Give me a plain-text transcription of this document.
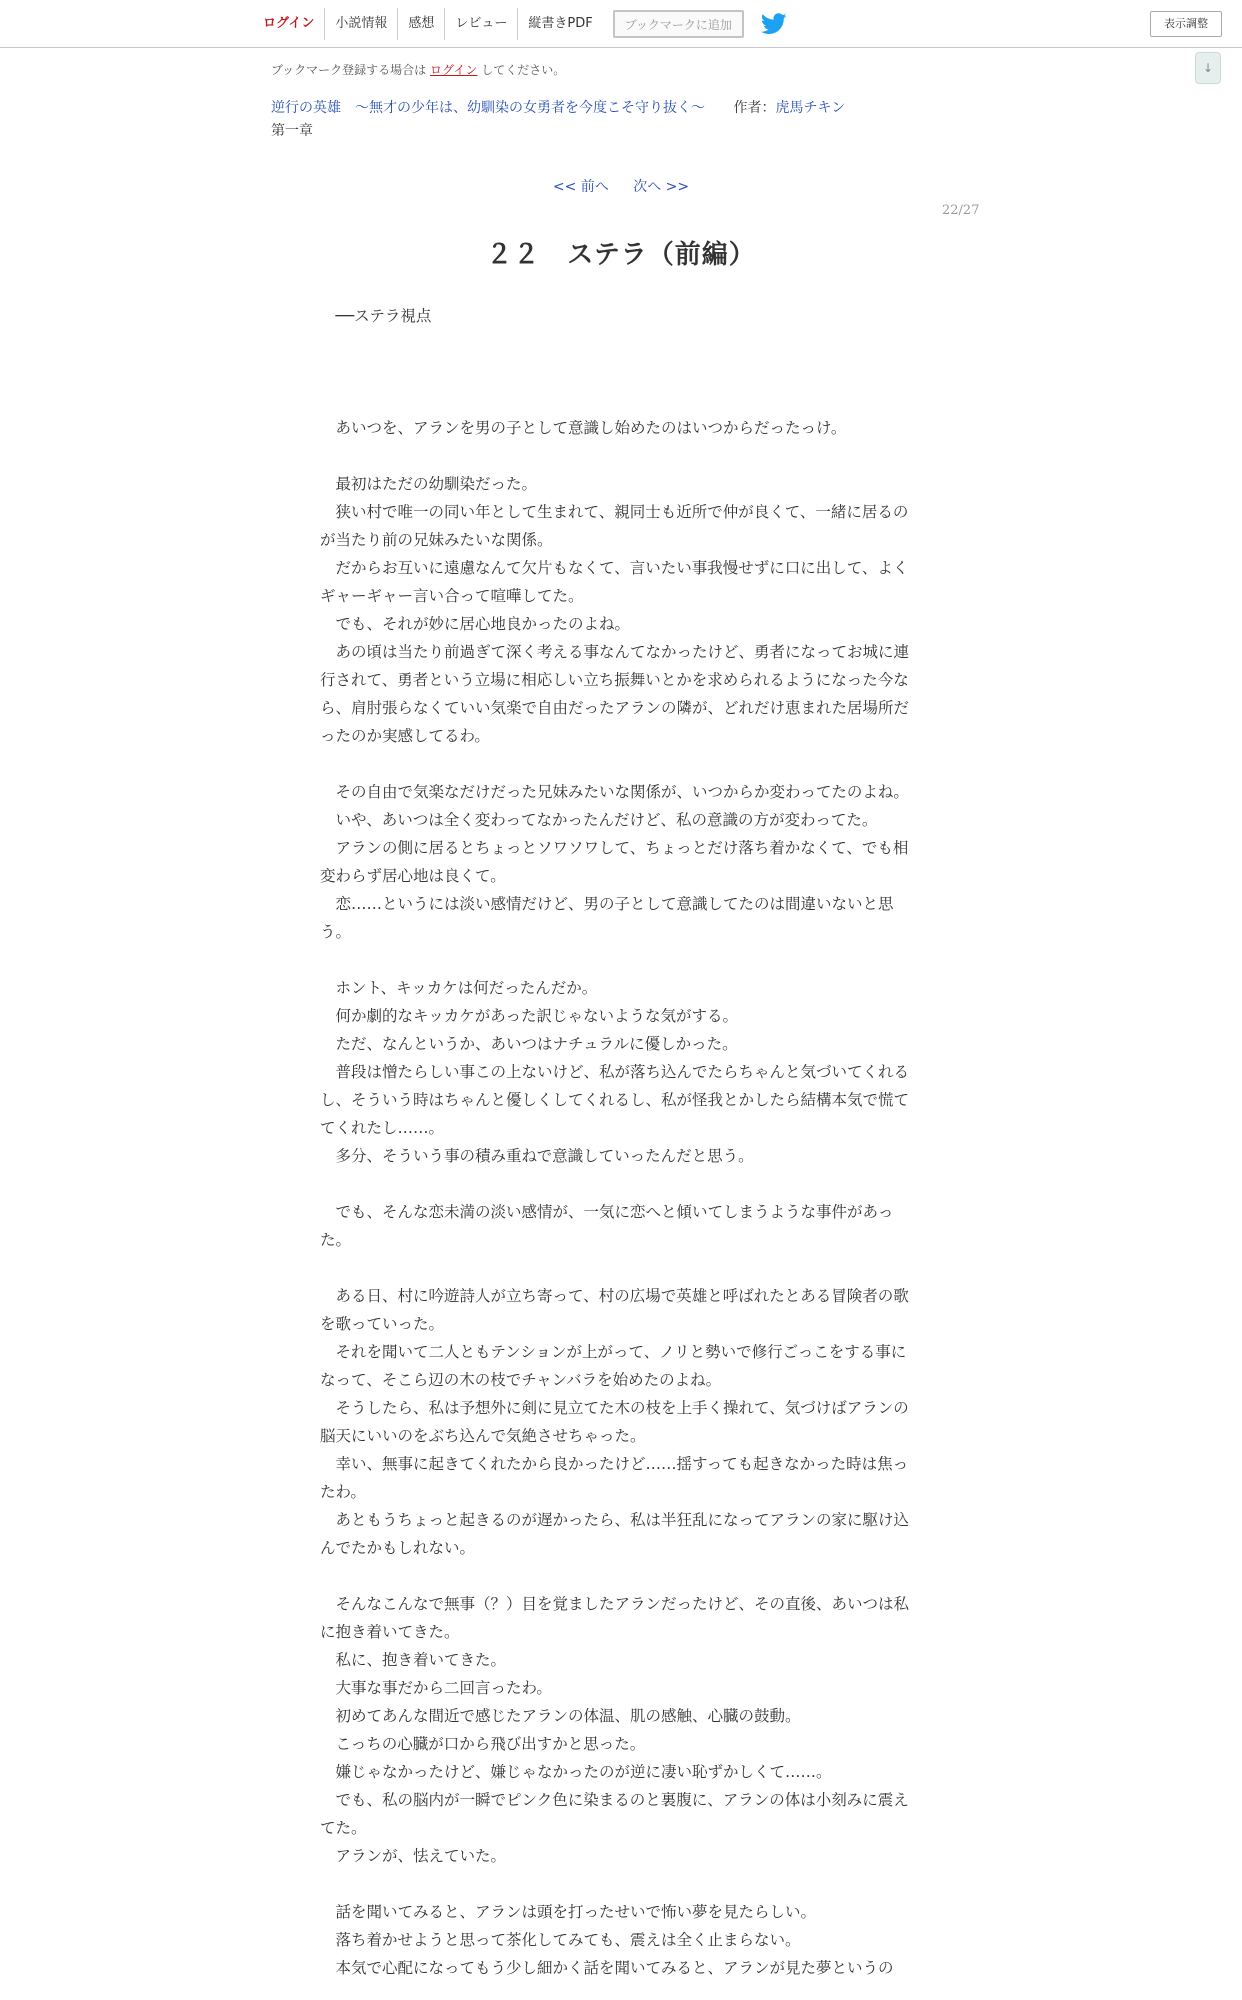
ログイン	小説情報	感想	レビュー	縦書きPDF	ブックマークに追加	表示調整
↓
ブックマーク登録する場合は ログイン してください。
逆行の英雄　～無才の少年は、幼馴染の女勇者を今度こそ守り抜く～ 作者：虎馬チキン
第一章
<< 前へ 次へ >>
22/27
２２　ステラ（前編）

　──ステラ視点

　あいつを、アランを男の子として意識し始めたのはいつからだったっけ。

　最初はただの幼馴染だった。

　狭い村で唯一の同い年として生まれて、親同士も近所で仲が良くて、一緒に居るのが当たり前の兄妹みたいな関係。

　だからお互いに遠慮なんて欠片もなくて、言いたい事我慢せずに口に出して、よくギャーギャー言い合って喧嘩してた。

　でも、それが妙に居心地良かったのよね。

　あの頃は当たり前過ぎて深く考える事なんてなかったけど、勇者になってお城に連行されて、勇者という立場に相応しい立ち振舞いとかを求められるようになった今なら、肩肘張らなくていい気楽で自由だったアランの隣が、どれだけ恵まれた居場所だったのか実感してるわ。

　その自由で気楽なだけだった兄妹みたいな関係が、いつからか変わってたのよね。

　いや、あいつは全く変わってなかったんだけど、私の意識の方が変わってた。

　アランの側に居るとちょっとソワソワして、ちょっとだけ落ち着かなくて、でも相変わらず居心地は良くて。

　恋……というには淡い感情だけど、男の子として意識してたのは間違いないと思う。

　ホント、キッカケは何だったんだか。

　何か劇的なキッカケがあった訳じゃないような気がする。

　ただ、なんというか、あいつはナチュラルに優しかった。

　普段は憎たらしい事この上ないけど、私が落ち込んでたらちゃんと気づいてくれるし、そういう時はちゃんと優しくしてくれるし、私が怪我とかしたら結構本気で慌ててくれたし……。

　多分、そういう事の積み重ねで意識していったんだと思う。

　でも、そんな恋未満の淡い感情が、一気に恋へと傾いてしまうような事件があった。

　ある日、村に吟遊詩人が立ち寄って、村の広場で英雄と呼ばれたとある冒険者の歌を歌っていった。

　それを聞いて二人ともテンションが上がって、ノリと勢いで修行ごっこをする事になって、そこら辺の木の枝でチャンバラを始めたのよね。

　そうしたら、私は予想外に剣に見立てた木の枝を上手く操れて、気づけばアランの脳天にいいのをぶち込んで気絶させちゃった。

　幸い、無事に起きてくれたから良かったけど……揺すっても起きなかった時は焦ったわ。

　あともうちょっと起きるのが遅かったら、私は半狂乱になってアランの家に駆け込んでたかもしれない。

　そんなこんなで無事（？）目を覚ましたアランだったけど、その直後、あいつは私に抱き着いてきた。

　私に、抱き着いてきた。

　大事な事だから二回言ったわ。

　初めてあんな間近で感じたアランの体温、肌の感触、心臓の鼓動。

　こっちの心臓が口から飛び出すかと思った。

　嫌じゃなかったけど、嫌じゃなかったのが逆に凄い恥ずかしくて……。

　でも、私の脳内が一瞬でピンク色に染まるのと裏腹に、アランの体は小刻みに震えてた。

　アランが、怯えていた。

　話を聞いてみると、アランは頭を打ったせいで怖い夢を見たらしい。

　落ち着かせようと思って茶化してみても、震えは全く止まらない。

　本気で心配になってもう少し細かく話を聞いてみると、アランが見た夢というの
